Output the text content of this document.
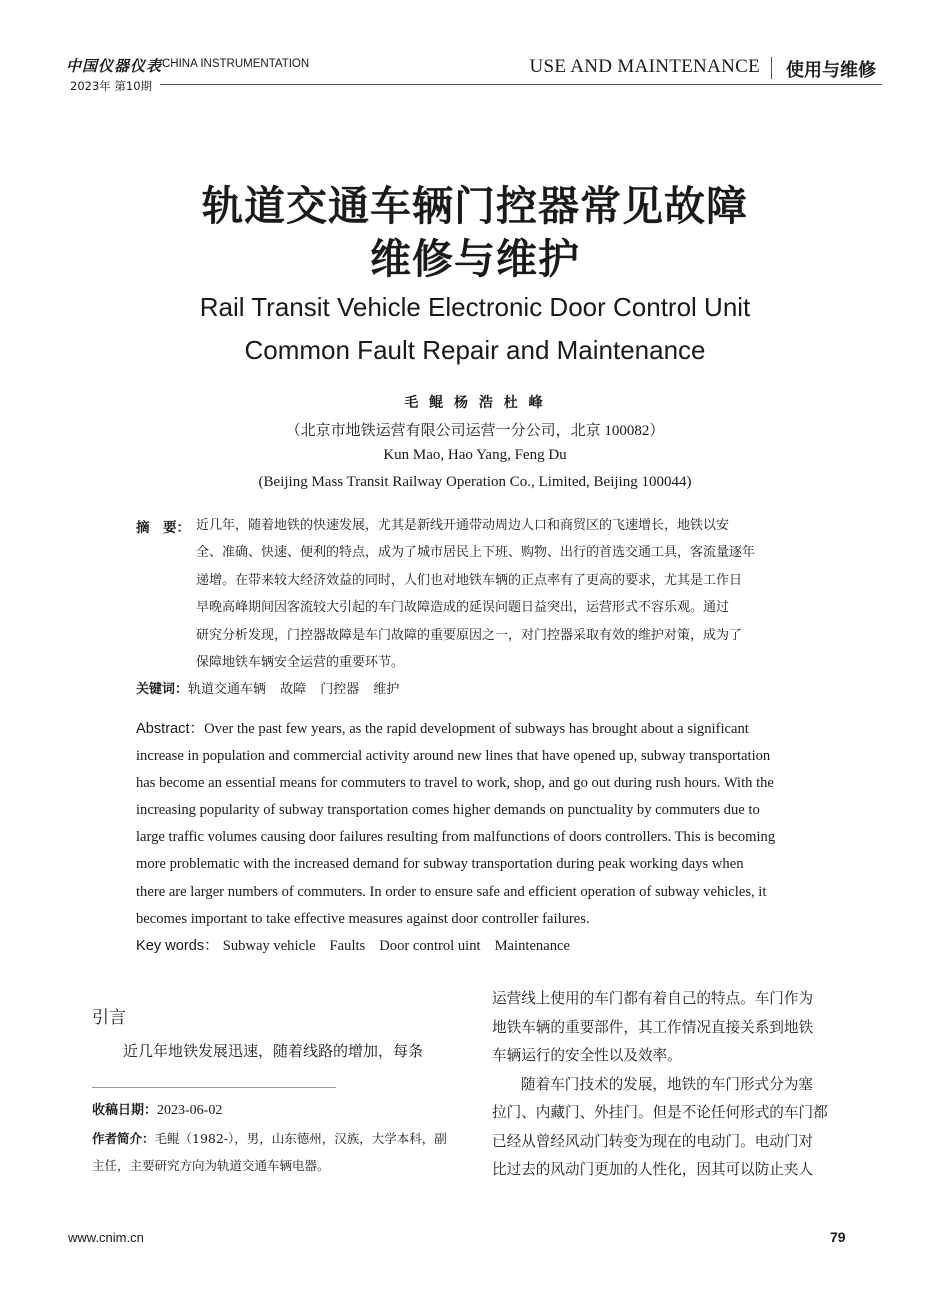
中国仪器仪表 CHINA INSTRUMENTATION
2023年 第10期
USE AND MAINTENANCE 使用与维修
轨道交通车辆门控器常见故障
维修与维护
Rail Transit Vehicle Electronic Door Control Unit
Common Fault Repair and Maintenance
毛 鲲 杨 浩 杜 峰
（北京市地铁运营有限公司运营一分公司，北京 100082）
Kun Mao, Hao Yang, Feng Du
(Beijing Mass Transit Railway Operation Co., Limited, Beijing 100044)
摘　要： 近几年，随着地铁的快速发展，尤其是新线开通带动周边人口和商贸区的飞速增长，地铁以安
全、准确、快速、便利的特点，成为了城市居民上下班、购物、出行的首选交通工具，客流量逐年
递增。在带来较大经济效益的同时，人们也对地铁车辆的正点率有了更高的要求，尤其是工作日
早晚高峰期间因客流较大引起的车门故障造成的延误问题日益突出，运营形式不容乐观。通过
研究分析发现，门控器故障是车门故障的重要原因之一，对门控器采取有效的维护对策，成为了
保障地铁车辆安全运营的重要环节。
关键词：轨道交通车辆 故障 门控器 维护
Abstract：Over the past few years, as the rapid development of subways has brought about a significant
increase in population and commercial activity around new lines that have opened up, subway transportation
has become an essential means for commuters to travel to work, shop, and go out during rush hours. With the
increasing popularity of subway transportation comes higher demands on punctuality by commuters due to
large traffic volumes causing door failures resulting from malfunctions of doors controllers. This is becoming
more problematic with the increased demand for subway transportation during peak working days when
there are larger numbers of commuters. In order to ensure safe and efficient operation of subway vehicles, it
becomes important to take effective measures against door controller failures.
Key words： Subway vehicle Faults Door control uint Maintenance
引言
近几年地铁发展迅速，随着线路的增加，每条
收稿日期：2023-06-02
作者简介：毛鲲（1982-），男，山东德州，汉族，大学本科，副
主任，主要研究方向为轨道交通车辆电器。
运营线上使用的车门都有着自己的特点。车门作为
地铁车辆的重要部件，其工作情况直接关系到地铁
车辆运行的安全性以及效率。
随着车门技术的发展，地铁的车门形式分为塞
拉门、内藏门、外挂门。但是不论任何形式的车门都
已经从曾经风动门转变为现在的电动门。电动门对
比过去的风动门更加的人性化，因其可以防止夹人
www.cnim.cn	79
